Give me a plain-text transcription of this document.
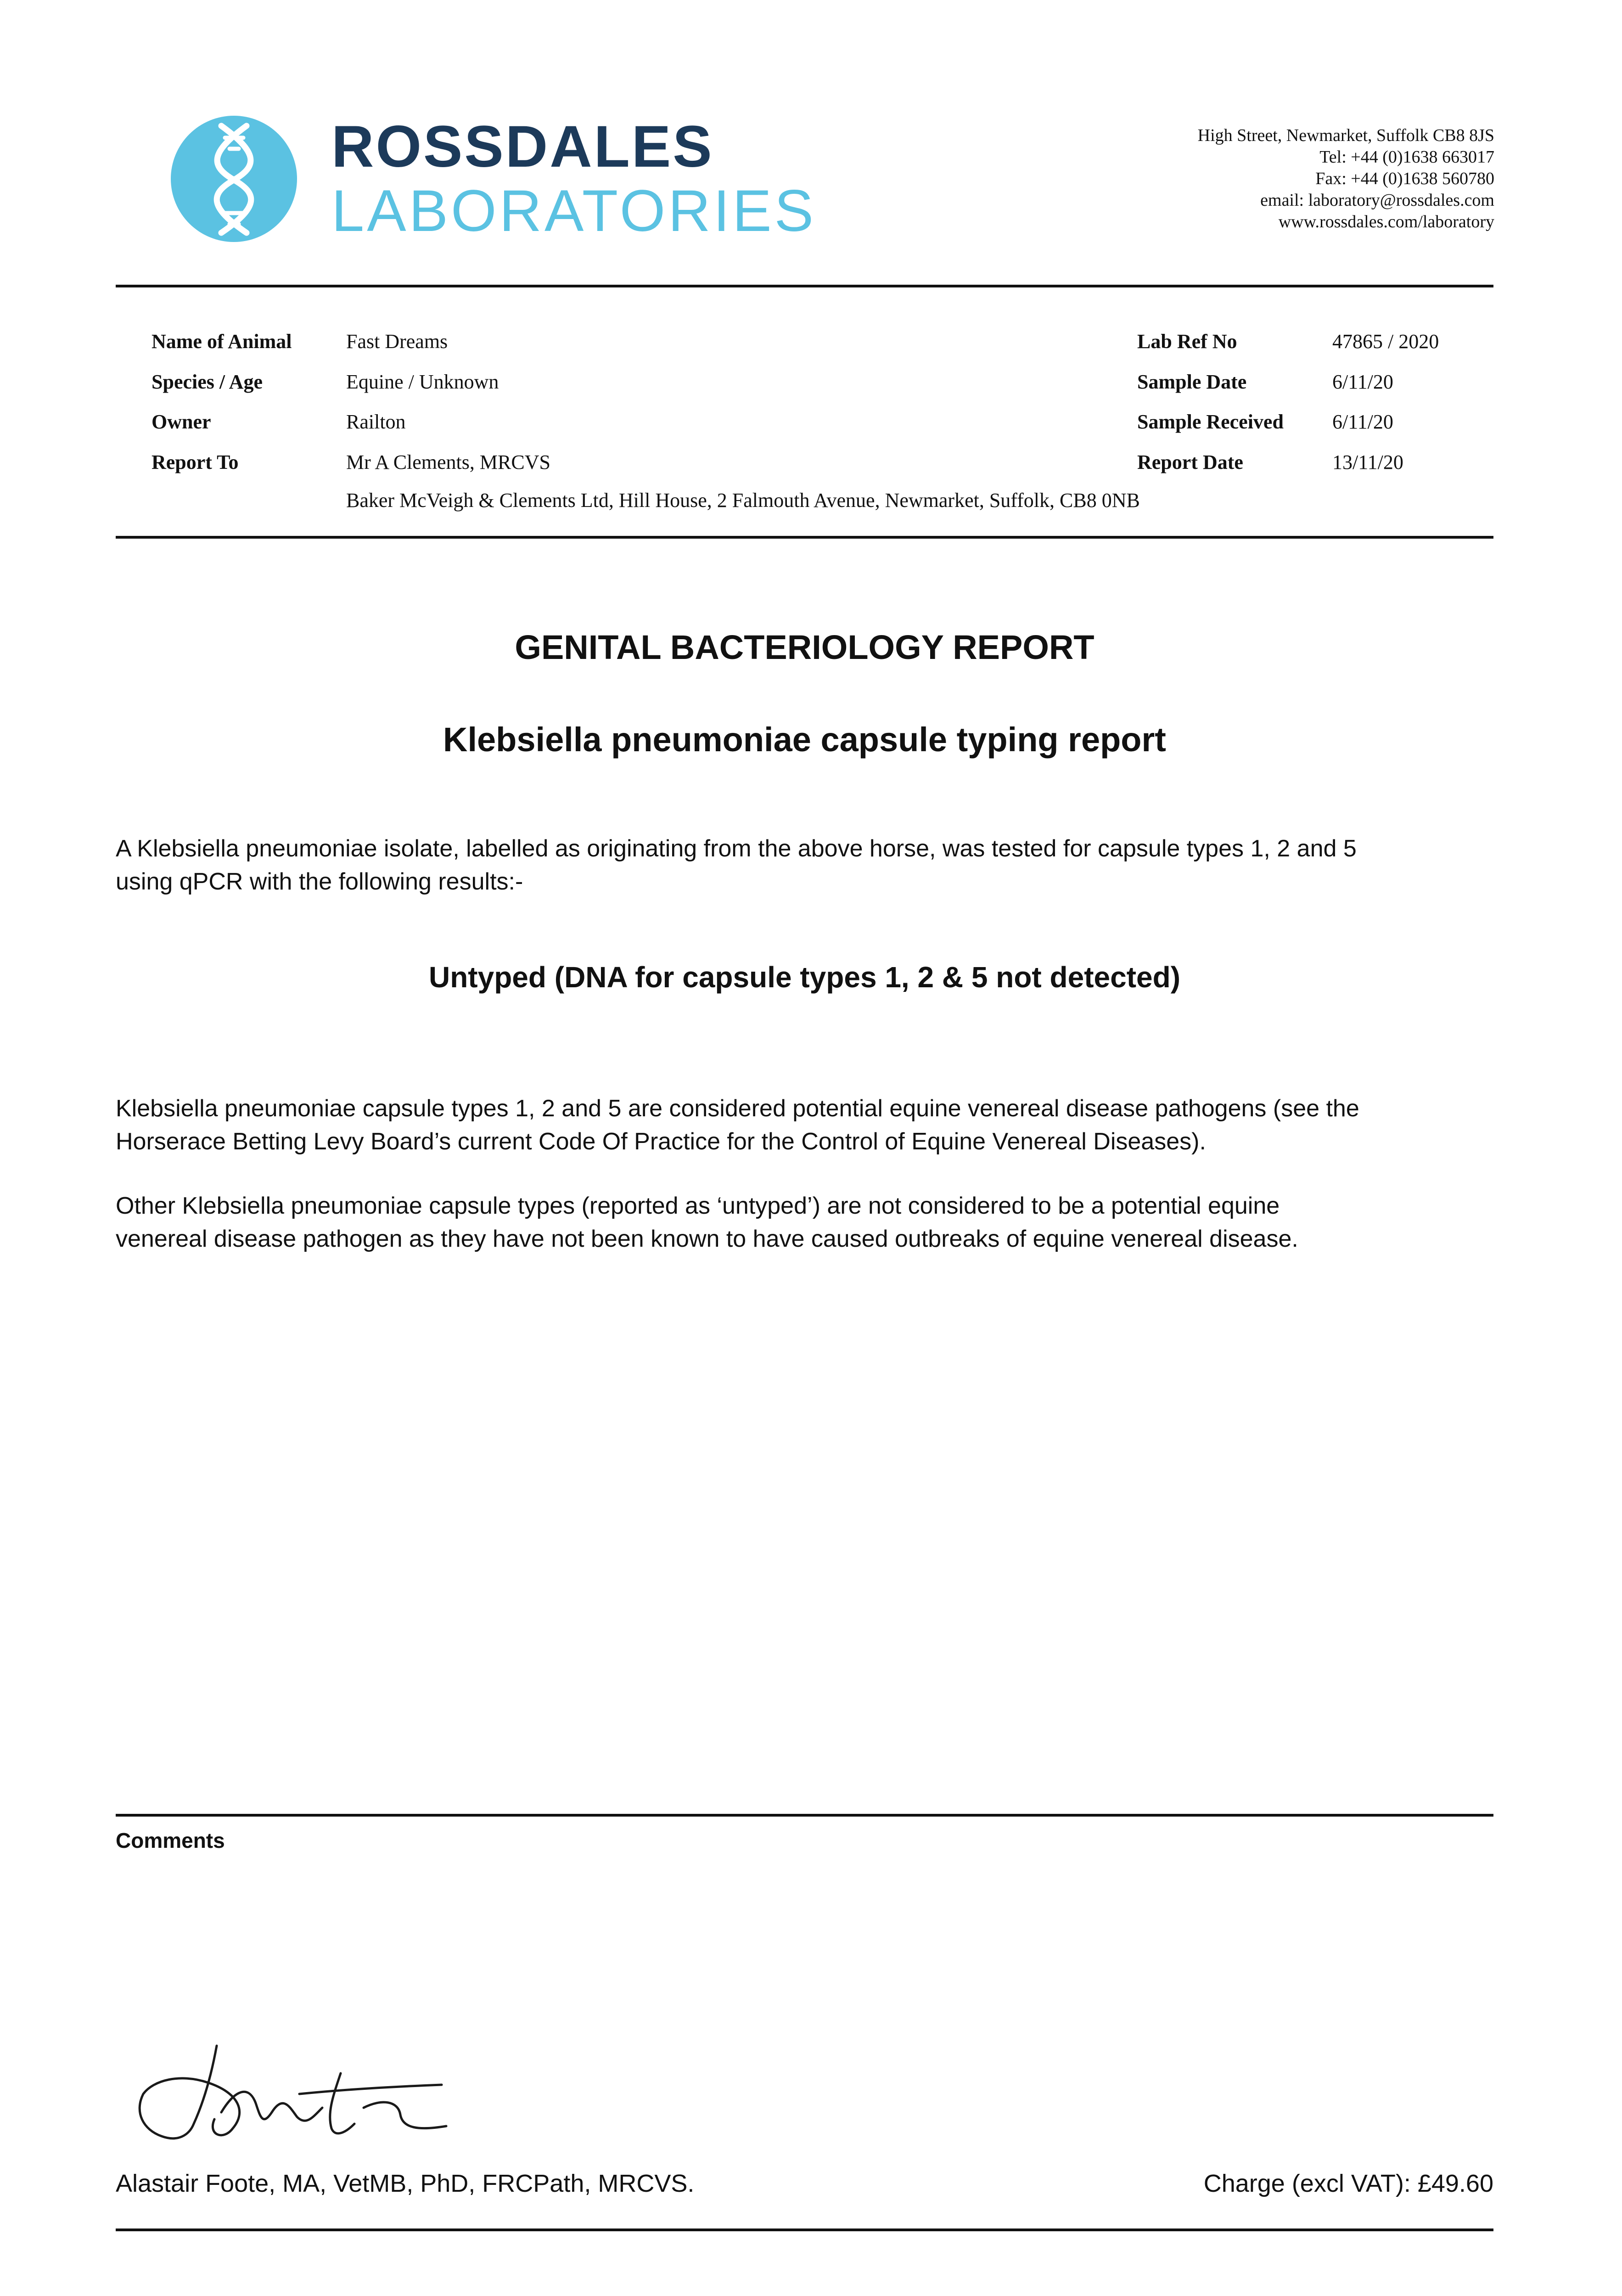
ROSSDALES
LABORATORIES
High Street, Newmarket, Suffolk CB8 8JS
Tel: +44 (0)1638 663017
Fax: +44 (0)1638 560780
email: laboratory@rossdales.com
www.rossdales.com/laboratory
Name of Animal	Fast Dreams
Species / Age	Equine / Unknown
Owner	Railton
Report To	Mr A Clements, MRCVS
Baker McVeigh & Clements Ltd, Hill House, 2 Falmouth Avenue, Newmarket, Suffolk, CB8 0NB
Lab Ref No	47865 / 2020
Sample Date	6/11/20
Sample Received 6/11/20
Report Date	13/11/20
GENITAL BACTERIOLOGY REPORT
Klebsiella pneumoniae capsule typing report
A Klebsiella pneumoniae isolate, labelled as originating from the above horse, was tested for capsule types 1, 2 and 5
using qPCR with the following results:-
Untyped (DNA for capsule types 1, 2 & 5 not detected)
Klebsiella pneumoniae capsule types 1, 2 and 5 are considered potential equine venereal disease pathogens (see the
Horserace Betting Levy Board’s current Code Of Practice for the Control of Equine Venereal Diseases).
Other Klebsiella pneumoniae capsule types (reported as ‘untyped’) are not considered to be a potential equine
venereal disease pathogen as they have not been known to have caused outbreaks of equine venereal disease.
Comments
Alastair Foote, MA, VetMB, PhD, FRCPath, MRCVS.	Charge (excl VAT): £49.60
